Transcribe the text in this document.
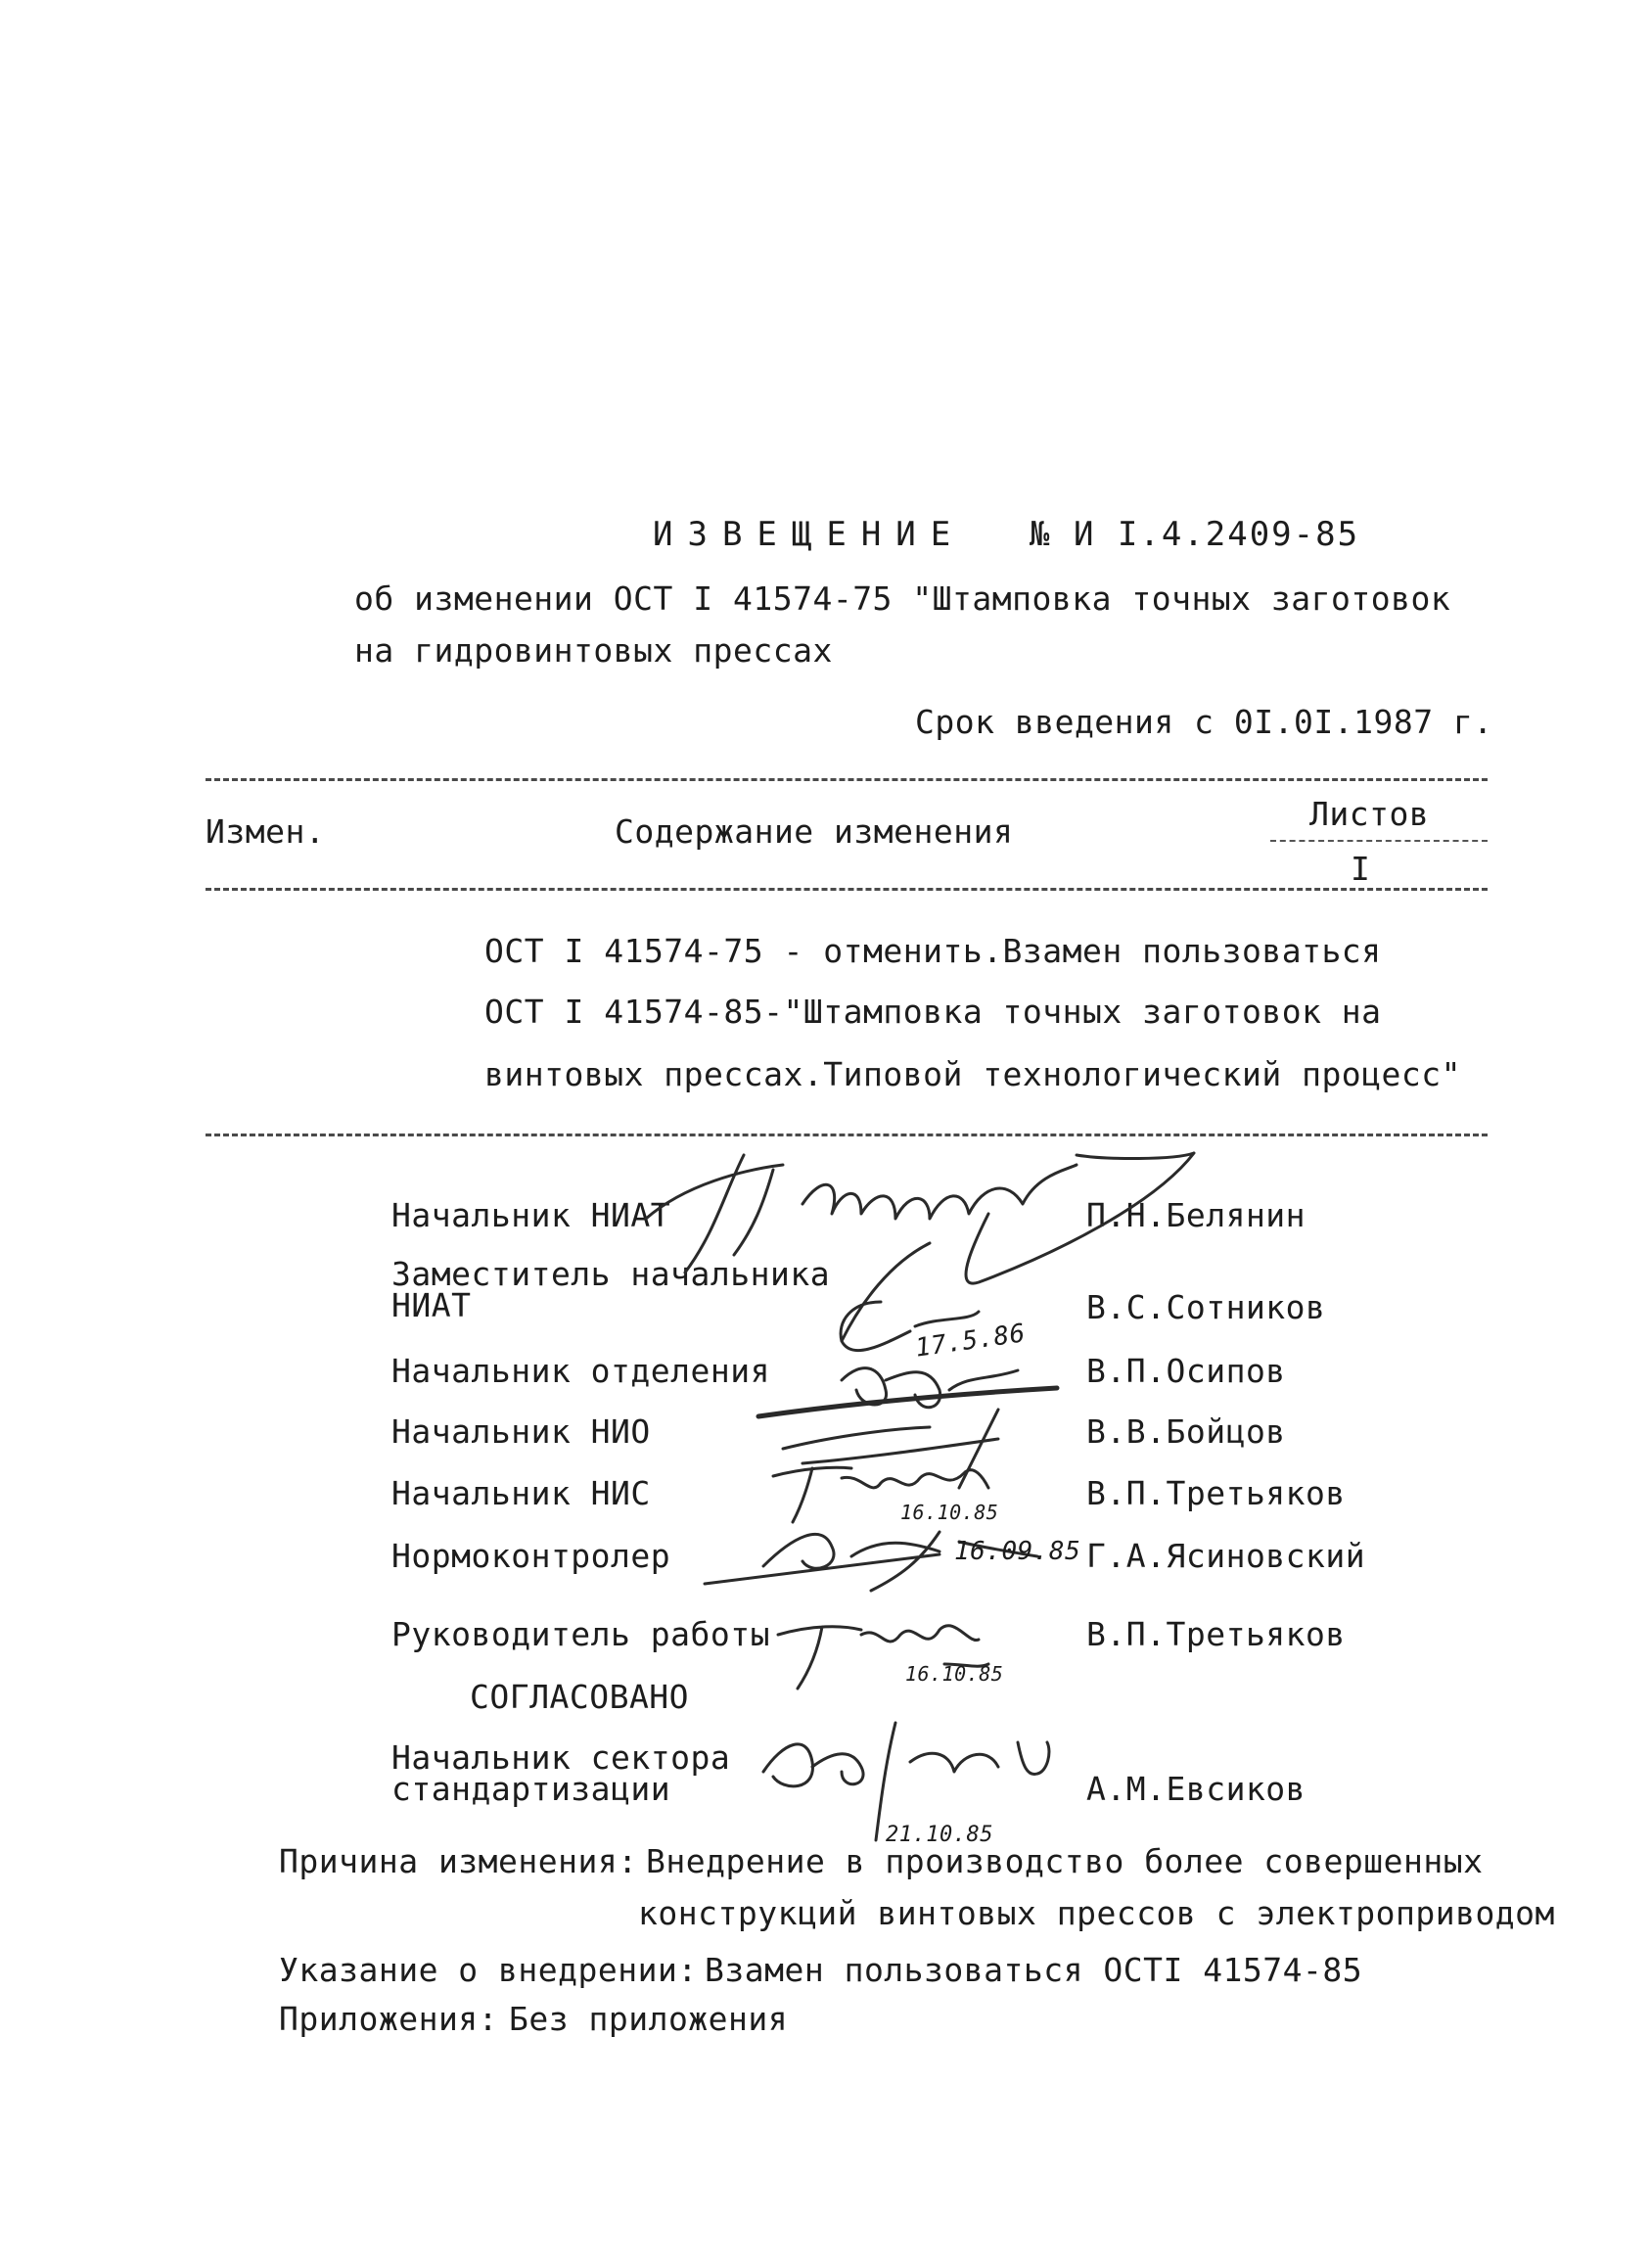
ИЗВЕЩЕНИЕ № И I.4.2409-85
об изменении ОСТ I 41574-75 "Штамповка точных заготовок
на гидровинтовых прессах
Срок введения с 0I.0I.1987 г.
Измен.	Содержание изменения	Листов
I
ОСТ I 41574-75 - отменить.Взамен пользоваться
ОСТ I 41574-85-"Штамповка точных заготовок на
винтовых прессах.Типовой технологический процесс"
Начальник НИАТ	П.Н.Белянин
Заместитель начальника
НИАТ	В.С.Сотников
Начальник отделения	В.П.Осипов
Начальник НИО	В.В.Бойцов
Начальник НИС	В.П.Третьяков
Нормоконтролер	Г.А.Ясиновский
Руководитель работы	В.П.Третьяков
СОГЛАСОВАНО
Начальник сектора
стандартизации	А.М.Евсиков
17.5.86
16.10.85
16.09.85
16.10.85
21.10.85
Причина изменения: Внедрение в производство более совершенных
конструкций винтовых прессов с электроприводом
Указание о внедрении: Взамен пользоваться ОСТI 41574-85
Приложения: Без приложения
